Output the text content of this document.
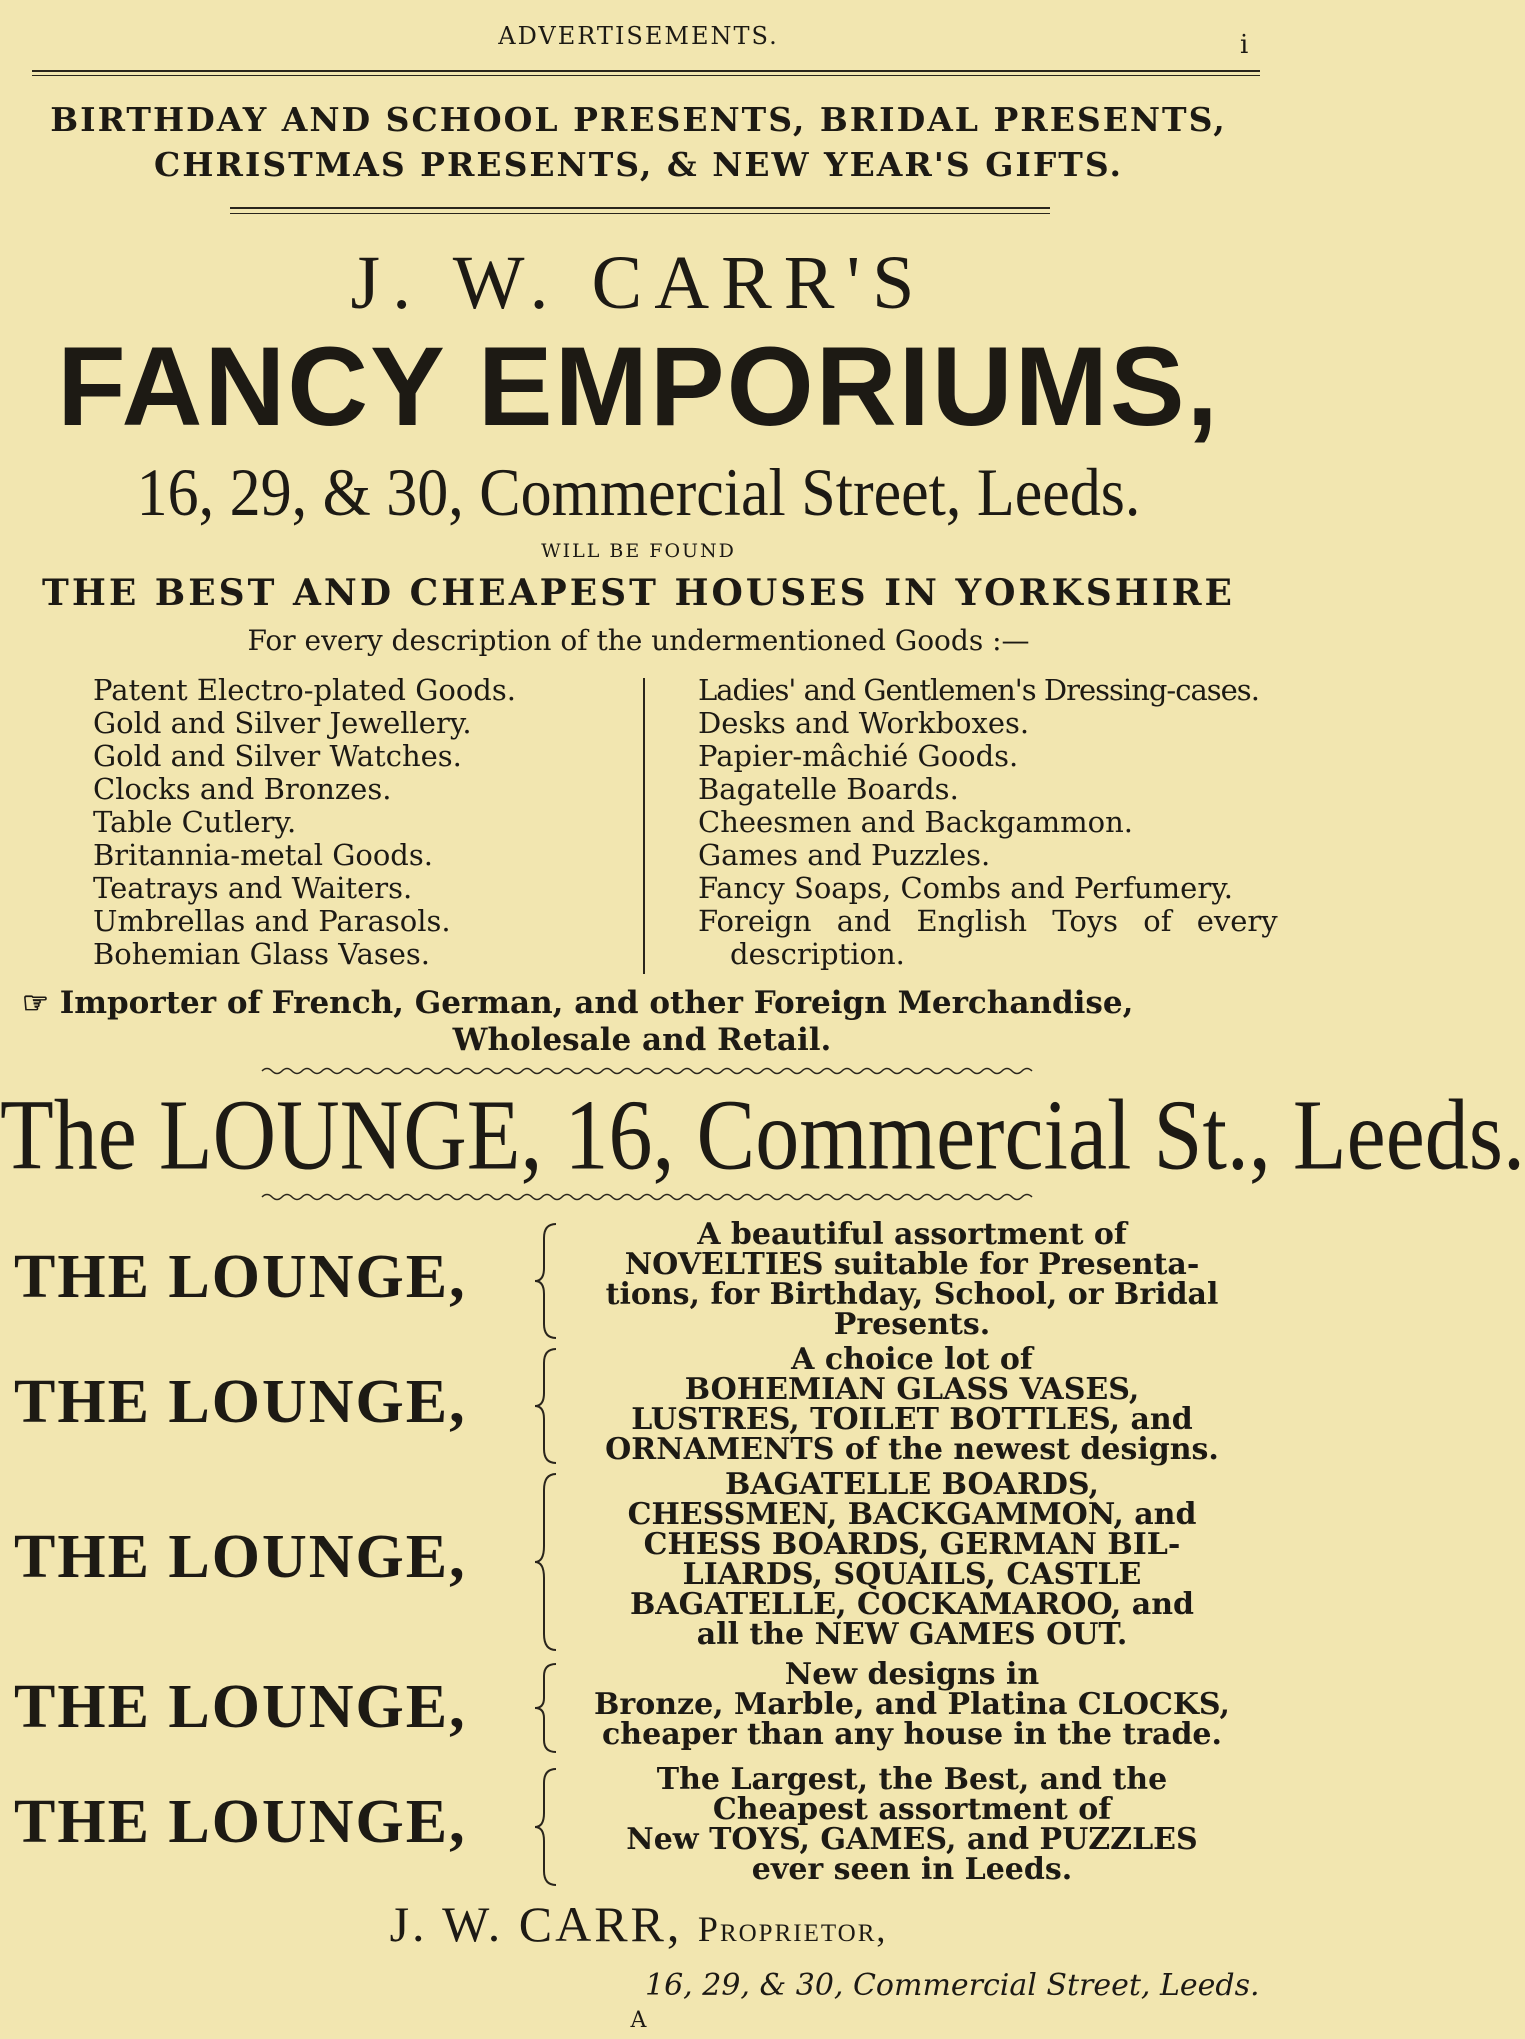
ADVERTISEMENTS.	i
BIRTHDAY AND SCHOOL PRESENTS, BRIDAL PRESENTS,
CHRISTMAS PRESENTS, & NEW YEAR'S GIFTS.
J. W. CARR'S
FANCY EMPORIUMS,
16, 29, & 30, Commercial Street, Leeds.
WILL BE FOUND
THE BEST AND CHEAPEST HOUSES IN YORKSHIRE
For every description of the undermentioned Goods :—
Patent Electro-plated Goods.
Gold and Silver Jewellery.
Gold and Silver Watches.
Clocks and Bronzes.
Table Cutlery.
Britannia-metal Goods.
Teatrays and Waiters.
Umbrellas and Parasols.
Bohemian Glass Vases.
Ladies' and Gentlemen's Dressing-cases.
Desks and Workboxes.
Papier-mâchié Goods.
Bagatelle Boards.
Cheesmen and Backgammon.
Games and Puzzles.
Fancy Soaps, Combs and Perfumery.
Foreign and English Toys of every
description.
☞ Importer of French, German, and other Foreign Merchandise,
Wholesale and Retail.
The LOUNGE, 16, Commercial St., Leeds.
THE LOUNGE,
A beautiful assortment of
NOVELTIES suitable for Presenta-
tions, for Birthday, School, or Bridal
Presents.
THE LOUNGE,
A choice lot of
BOHEMIAN GLASS VASES,
LUSTRES, TOILET BOTTLES, and
ORNAMENTS of the newest designs.
THE LOUNGE,
BAGATELLE BOARDS,
CHESSMEN, BACKGAMMON, and
CHESS BOARDS, GERMAN BIL-
LIARDS, SQUAILS, CASTLE
BAGATELLE, COCKAMAROO, and
all the NEW GAMES OUT.
THE LOUNGE,	New designs in
Bronze, Marble, and Platina CLOCKS,
cheaper than any house in the trade.
THE LOUNGE,
The Largest, the Best, and the
Cheapest assortment of
New TOYS, GAMES, and PUZZLES
ever seen in Leeds.
J. W. CARR, Proprietor,
16, 29, & 30, Commercial Street, Leeds.
A
